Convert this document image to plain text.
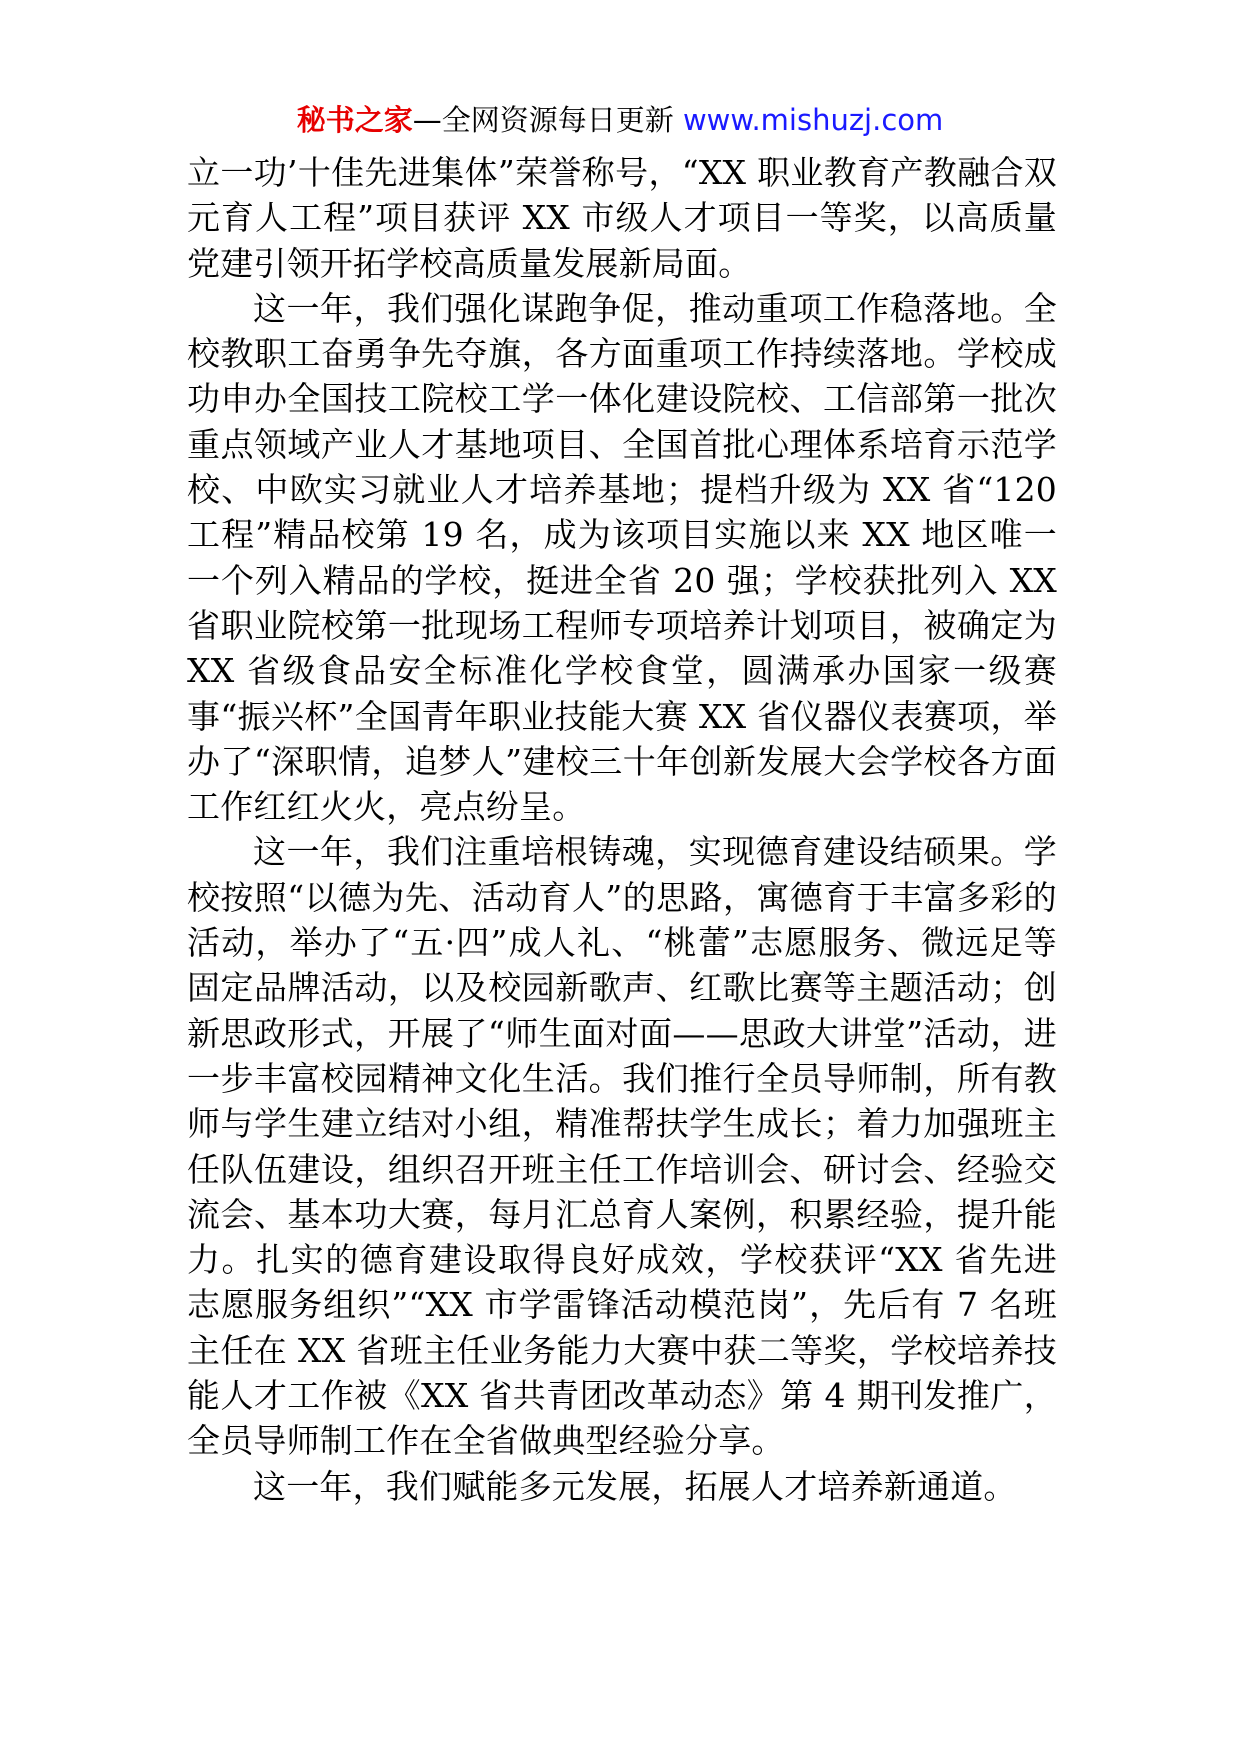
秘书之家—全网资源每日更新 www.mishuzj.com

立一功’十佳先进集体”荣誉称号，“XX 职业教育产教融合双元育人工程”项目获评 XX 市级人才项目一等奖，以高质量党建引领开拓学校高质量发展新局面。

这一年，我们强化谋跑争促，推动重项工作稳落地。全校教职工奋勇争先夺旗，各方面重项工作持续落地。学校成功申办全国技工院校工学一体化建设院校、工信部第一批次重点领域产业人才基地项目、全国首批心理体系培育示范学校、中欧实习就业人才培养基地；提档升级为 XX 省“120 工程”精品校第 19 名，成为该项目实施以来 XX 地区唯一一个列入精品的学校，挺进全省 20 强；学校获批列入 XX 省职业院校第一批现场工程师专项培养计划项目，被确定为 XX 省级食品安全标准化学校食堂，圆满承办国家一级赛事“振兴杯”全国青年职业技能大赛 XX 省仪器仪表赛项，举办了“深职情，追梦人”建校三十年创新发展大会学校各方面工作红红火火，亮点纷呈。

这一年，我们注重培根铸魂，实现德育建设结硕果。学校按照“以德为先、活动育人”的思路，寓德育于丰富多彩的活动，举办了“五·四”成人礼、“桃蕾”志愿服务、微远足等固定品牌活动，以及校园新歌声、红歌比赛等主题活动；创新思政形式，开展了“师生面对面——思政大讲堂”活动，进一步丰富校园精神文化生活。我们推行全员导师制，所有教师与学生建立结对小组，精准帮扶学生成长；着力加强班主任队伍建设，组织召开班主任工作培训会、研讨会、经验交流会、基本功大赛，每月汇总育人案例，积累经验，提升能力。扎实的德育建设取得良好成效，学校获评“XX 省先进志愿服务组织”“XX 市学雷锋活动模范岗”，先后有 7 名班主任在 XX 省班主任业务能力大赛中获二等奖，学校培养技能人才工作被《XX 省共青团改革动态》第 4 期刊发推广，全员导师制工作在全省做典型经验分享。

这一年，我们赋能多元发展，拓展人才培养新通道。
